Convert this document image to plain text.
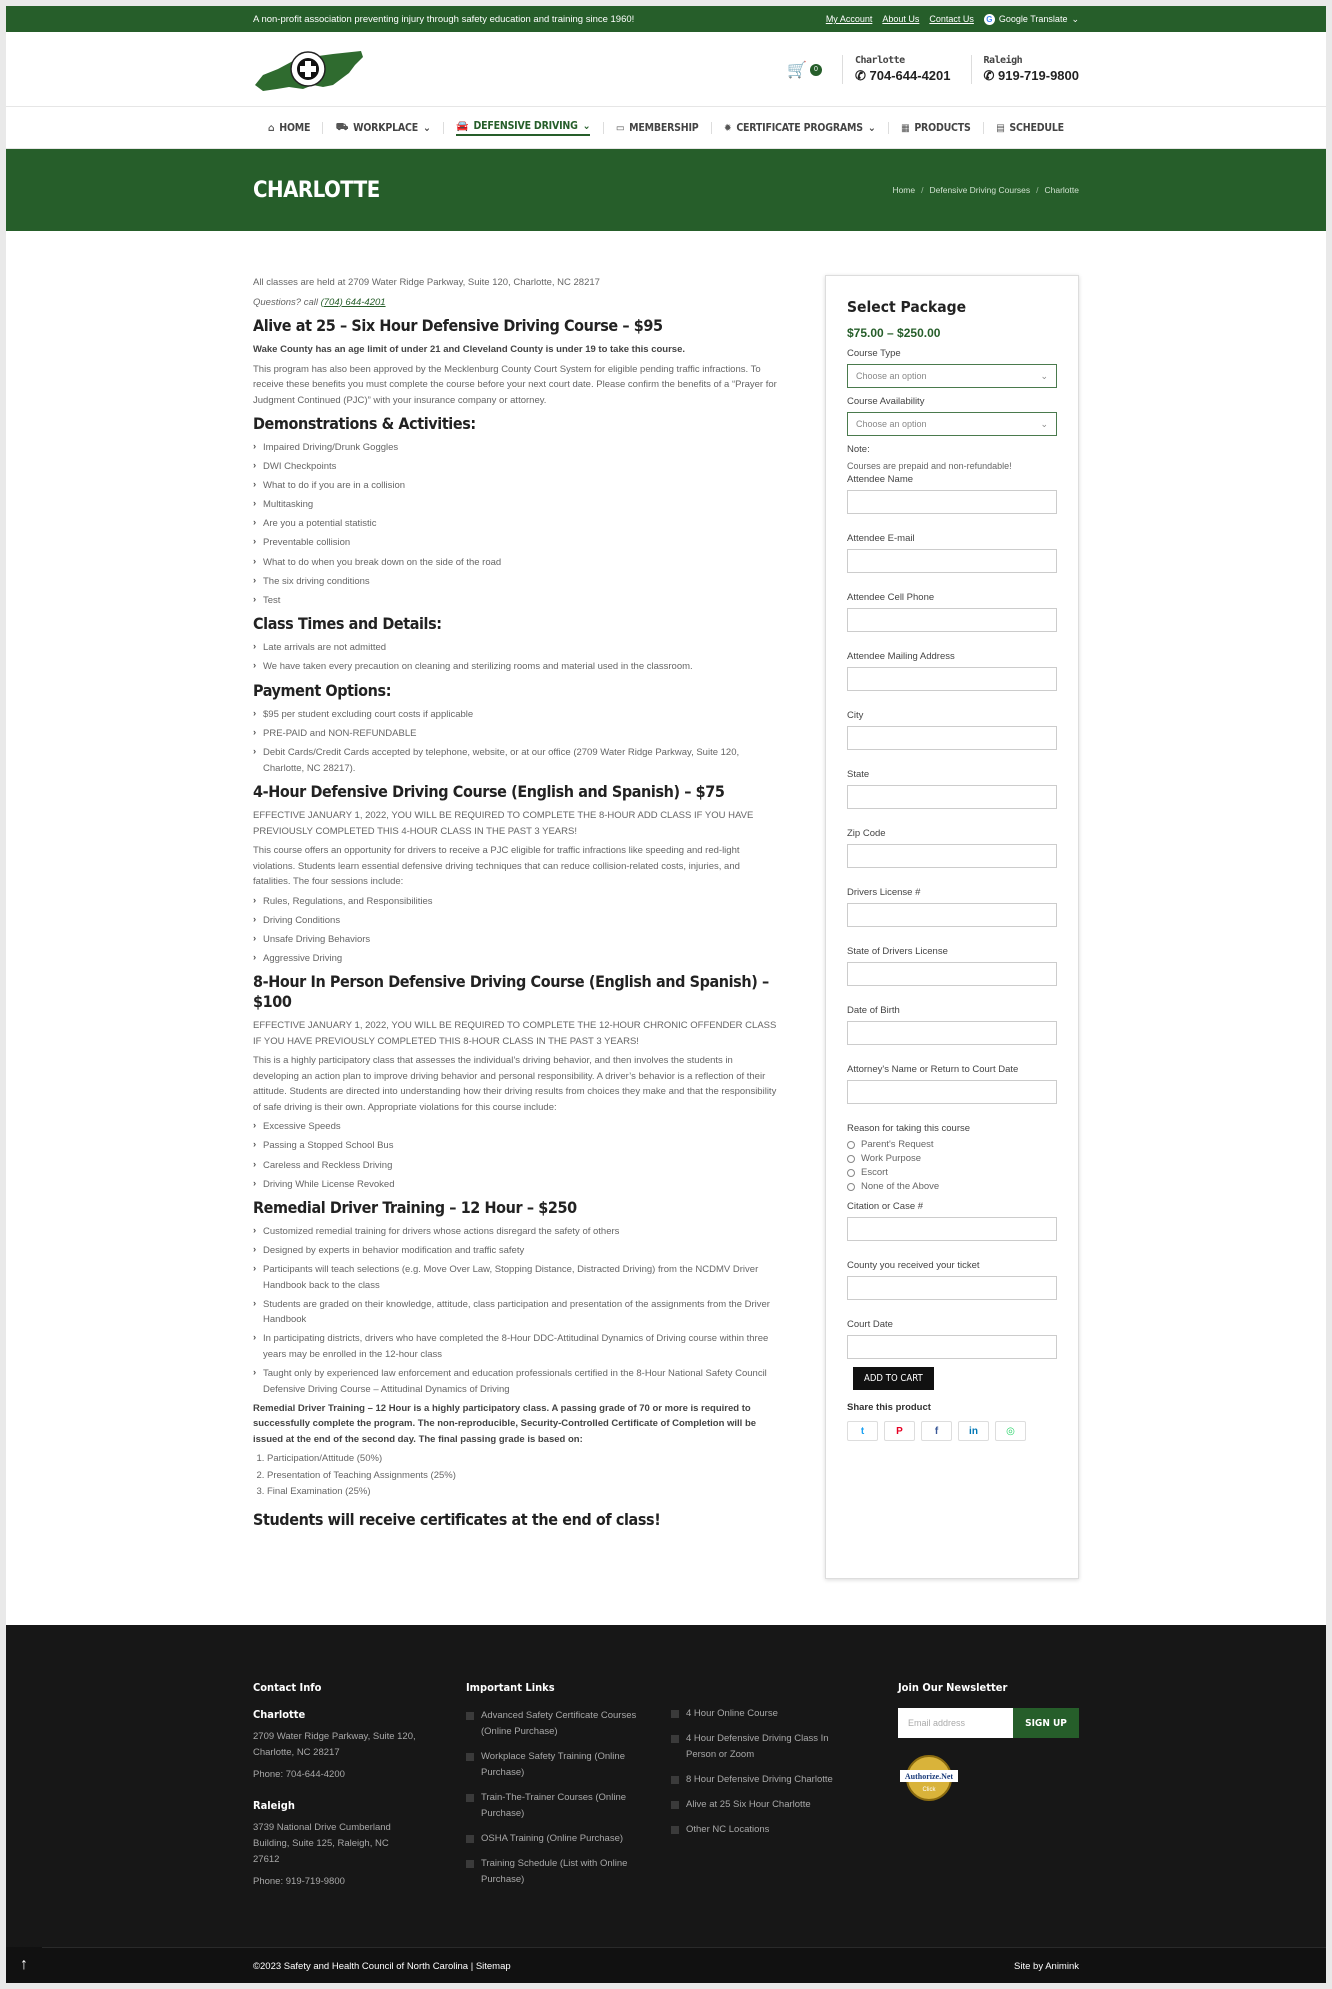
A non-profit association preventing injury through safety education and training since 1960!	My Account About Us Contact Us G Google Translate ⌄
🛒	0
Charlotte
✆ 704-644-4201
Raleigh
✆ 919-719-9800
⌂ HOME	⛟ WORKPLACE ⌄	🚘 DEFENSIVE DRIVING ⌄	▭ MEMBERSHIP	✹ CERTIFICATE PROGRAMS ⌄	▦ PRODUCTS	▤ SCHEDULE
CHARLOTTE	Home / Defensive Driving Courses / Charlotte

All classes are held at 2709 Water Ridge Parkway, Suite 120, Charlotte, NC 28217

Questions? call (704) 644-4201

Alive at 25 – Six Hour Defensive Driving Course – $95

Wake County has an age limit of under 21 and Cleveland County is under 19 to take this course.

This program has also been approved by the Mecklenburg County Court System for eligible pending traffic infractions. To receive these benefits you must complete the course before your next court date. Please confirm the benefits of a “Prayer for Judgment Continued (PJC)” with your insurance company or attorney.

Demonstrations & Activities:
› Impaired Driving/Drunk Goggles
› DWI Checkpoints
› What to do if you are in a collision
› Multitasking
› Are you a potential statistic
› Preventable collision
› What to do when you break down on the side of the road
› The six driving conditions
› Test
Class Times and Details:
› Late arrivals are not admitted
› We have taken every precaution on cleaning and sterilizing rooms and material used in the classroom.
Payment Options:
› $95 per student excluding court costs if applicable
› PRE-PAID and NON-REFUNDABLE
› Debit Cards/Credit Cards accepted by telephone, website, or at our office (2709 Water Ridge Parkway, Suite 120, Charlotte, NC 28217).
4-Hour Defensive Driving Course (English and Spanish) – $75

EFFECTIVE JANUARY 1, 2022, YOU WILL BE REQUIRED TO COMPLETE THE 8-HOUR ADD CLASS IF YOU HAVE PREVIOUSLY COMPLETED THIS 4-HOUR CLASS IN THE PAST 3 YEARS!

This course offers an opportunity for drivers to receive a PJC eligible for traffic infractions like speeding and red-light violations. Students learn essential defensive driving techniques that can reduce collision-related costs, injuries, and fatalities. The four sessions include:

› Rules, Regulations, and Responsibilities
› Driving Conditions
› Unsafe Driving Behaviors
› Aggressive Driving
8-Hour In Person Defensive Driving Course (English and Spanish) – $100

EFFECTIVE JANUARY 1, 2022, YOU WILL BE REQUIRED TO COMPLETE THE 12-HOUR CHRONIC OFFENDER CLASS IF YOU HAVE PREVIOUSLY COMPLETED THIS 8-HOUR CLASS IN THE PAST 3 YEARS!

This is a highly participatory class that assesses the individual’s driving behavior, and then involves the students in developing an action plan to improve driving behavior and personal responsibility. A driver’s behavior is a reflection of their attitude. Students are directed into understanding how their driving results from choices they make and that the responsibility of safe driving is their own. Appropriate violations for this course include:

› Excessive Speeds
› Passing a Stopped School Bus
› Careless and Reckless Driving
› Driving While License Revoked
Remedial Driver Training – 12 Hour – $250
› Customized remedial training for drivers whose actions disregard the safety of others
› Designed by experts in behavior modification and traffic safety
› Participants will teach selections (e.g. Move Over Law, Stopping Distance, Distracted Driving) from the NCDMV Driver Handbook back to the class
› Students are graded on their knowledge, attitude, class participation and presentation of the assignments from the Driver Handbook
› In participating districts, drivers who have completed the 8-Hour DDC-Attitudinal Dynamics of Driving course within three years may be enrolled in the 12-hour class
› Taught only by experienced law enforcement and education professionals certified in the 8-Hour National Safety Council Defensive Driving Course – Attitudinal Dynamics of Driving

Remedial Driver Training – 12 Hour is a highly participatory class. A passing grade of 70 or more is required to successfully complete the program. The non-reproducible, Security-Controlled Certificate of Completion will be issued at the end of the second day. The final passing grade is based on:

1. Participation/Attitude (50%)
2. Presentation of Teaching Assignments (25%)
3. Final Examination (25%)
Students will receive certificates at the end of class!
Select Package
$75.00 – $250.00
Course Type
Choose an option	⌄
Course Availability
Choose an option	⌄
Note:
Courses are prepaid and non-refundable!
Attendee Name
Attendee E-mail
Attendee Cell Phone
Attendee Mailing Address
City
State
Zip Code
Drivers License #
State of Drivers License
Date of Birth
Attorney's Name or Return to Court Date
Reason for taking this course
Parent's Request
Work Purpose
Escort
None of the Above
Citation or Case #
County you received your ticket
Court Date
ADD TO CART
Share this product
t	P	f	in	◎
Contact Info
Charlotte
2709 Water Ridge Parkway, Suite 120, Charlotte, NC 28217
Phone: 704-644-4200
Raleigh
3739 National Drive Cumberland Building, Suite 125, Raleigh, NC 27612
Phone: 919-719-9800
Important Links
Advanced Safety Certificate Courses (Online Purchase)
Workplace Safety Training (Online Purchase)
Train-The-Trainer Courses (Online Purchase)
OSHA Training (Online Purchase)
Training Schedule (List with Online Purchase)
4 Hour Online Course
4 Hour Defensive Driving Class In Person or Zoom
8 Hour Defensive Driving Charlotte
Alive at 25 Six Hour Charlotte
Other NC Locations
Join Our Newsletter
Email address	SIGN UP
Authorize.Net
Click
©2023 Safety and Health Council of North Carolina | Sitemap	Site by Animink
↑
